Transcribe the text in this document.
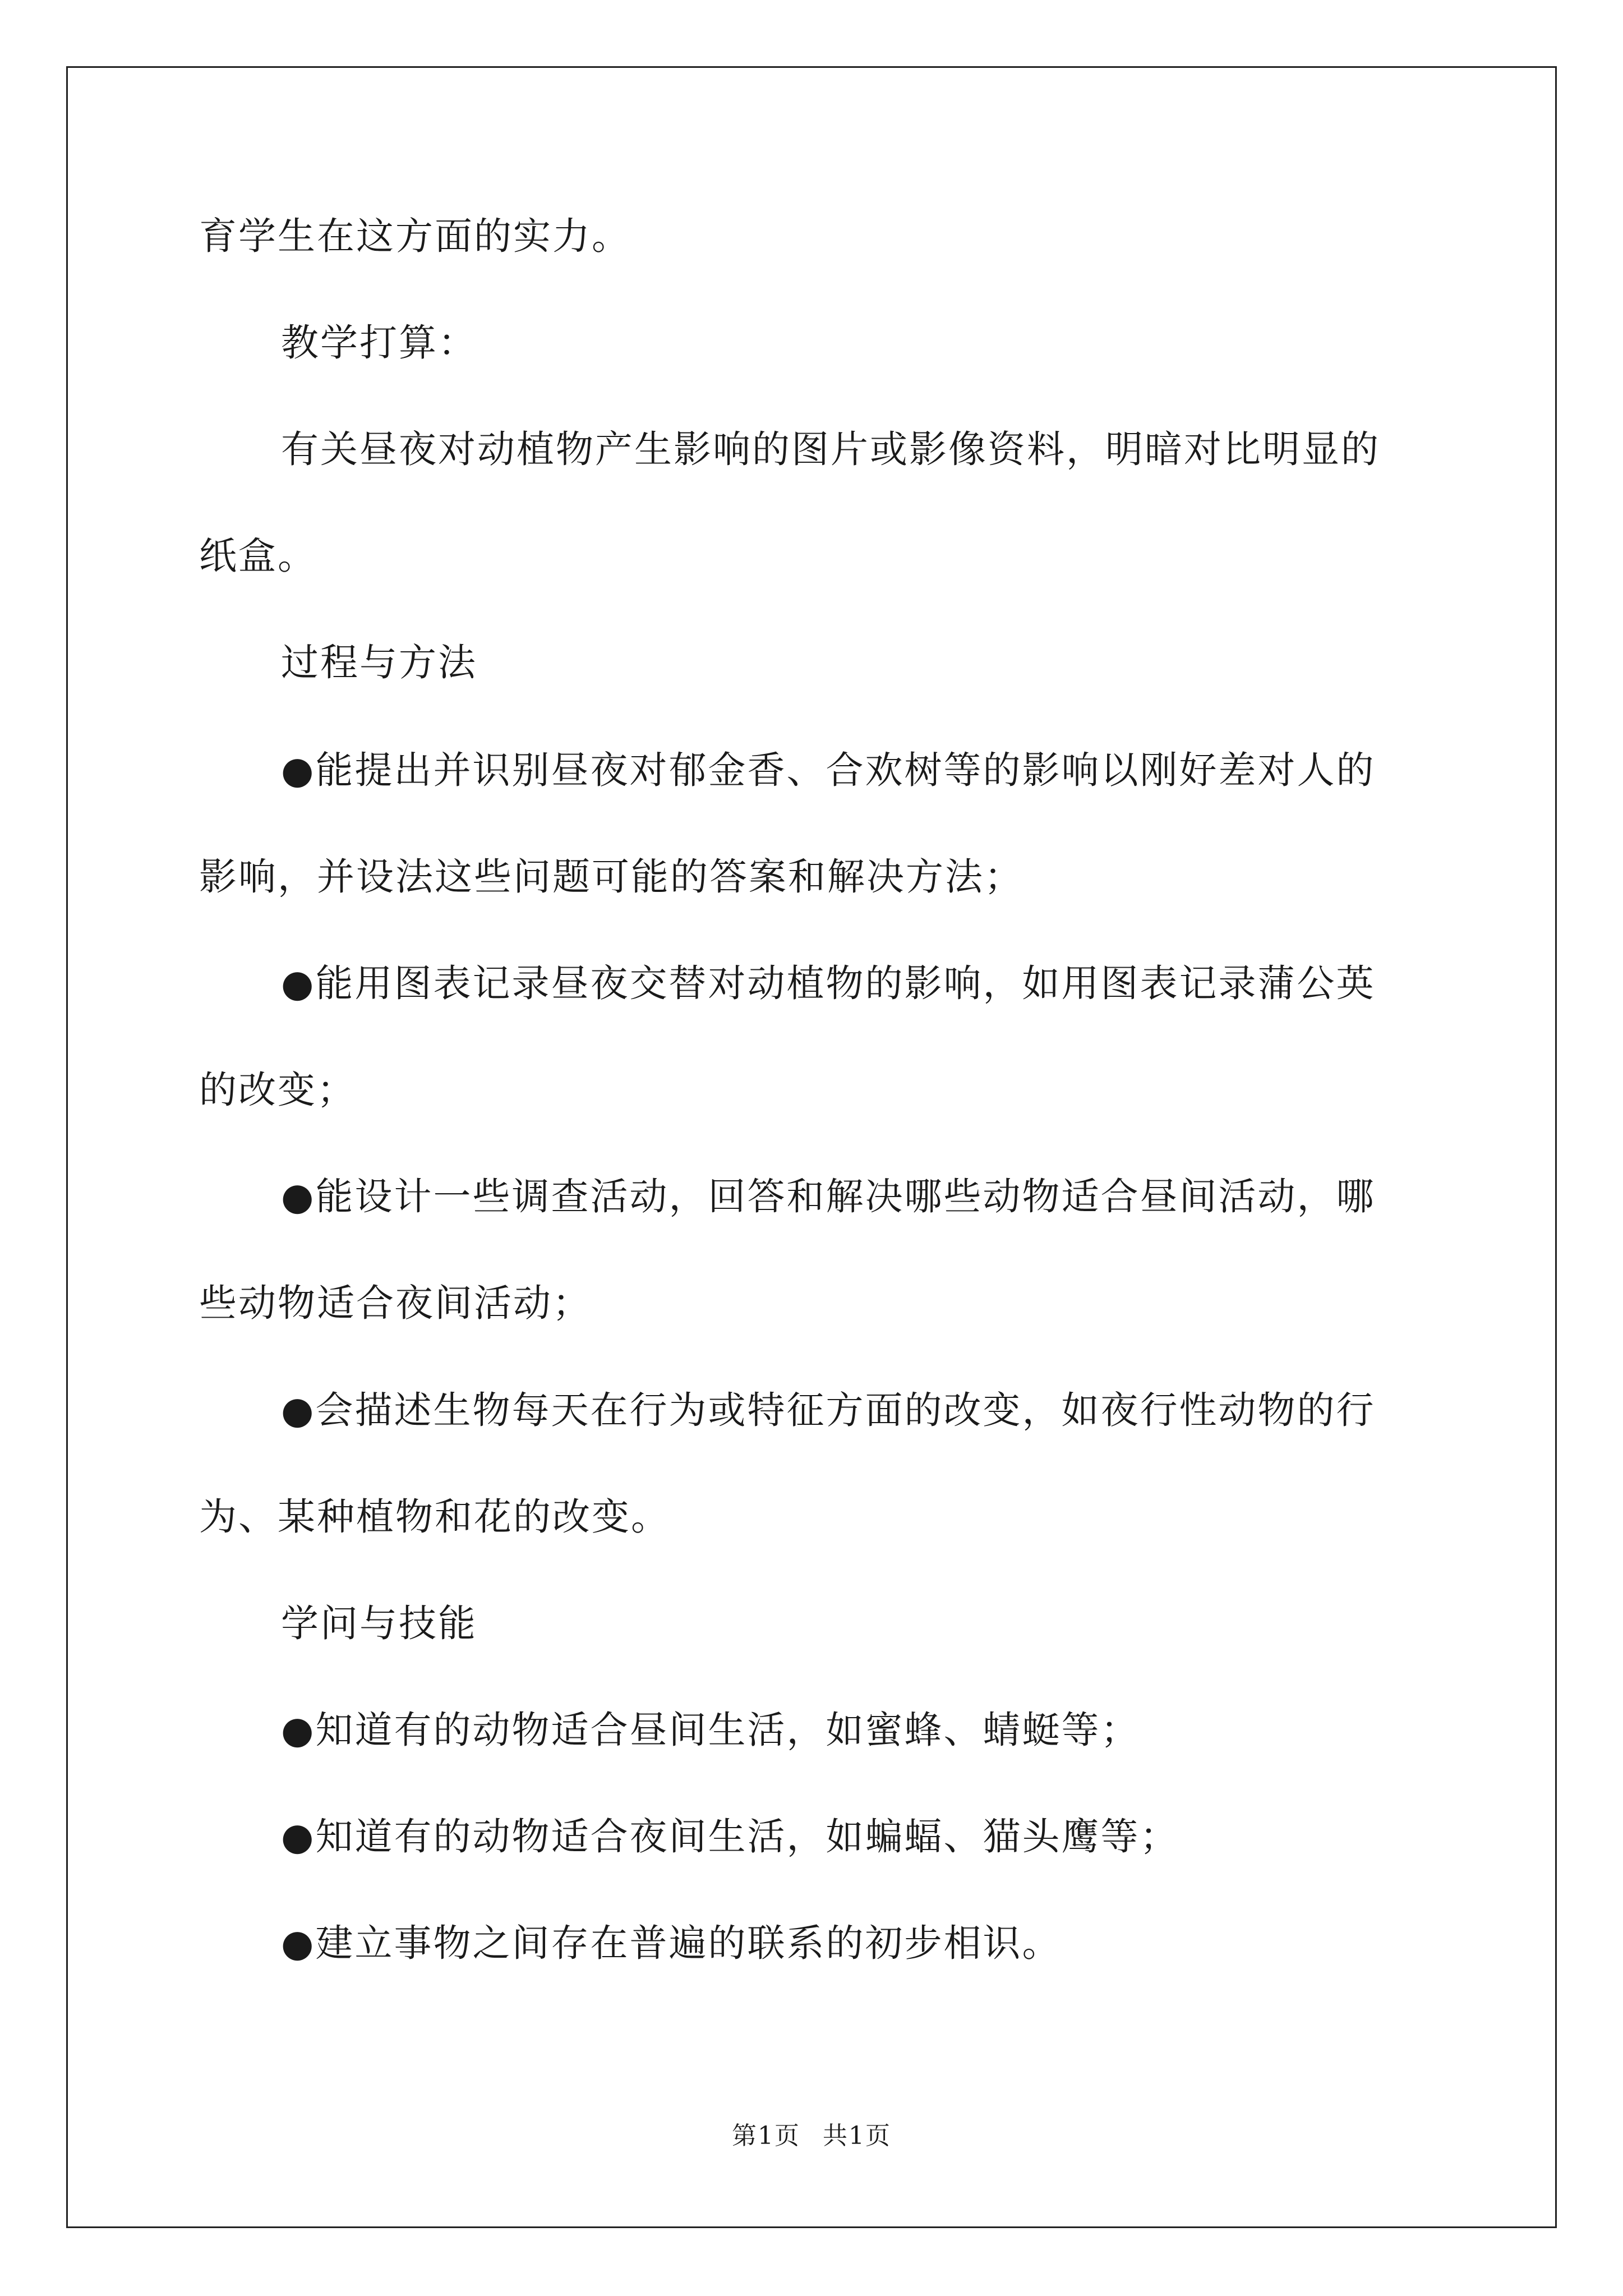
育学生在这方面的实力。
教学打算：
有关昼夜对动植物产生影响的图片或影像资料，明暗对比明显的
纸盒。
过程与方法
●能提出并识别昼夜对郁金香、合欢树等的影响以刚好差对人的
影响，并设法这些问题可能的答案和解决方法；
●能用图表记录昼夜交替对动植物的影响，如用图表记录蒲公英
的改变；
●能设计一些调查活动，回答和解决哪些动物适合昼间活动，哪
些动物适合夜间活动；
●会描述生物每天在行为或特征方面的改变，如夜行性动物的行
为、某种植物和花的改变。
学问与技能
●知道有的动物适合昼间生活，如蜜蜂、蜻蜓等；
●知道有的动物适合夜间生活，如蝙蝠、猫头鹰等；
●建立事物之间存在普遍的联系的初步相识。
第1页 共1页
